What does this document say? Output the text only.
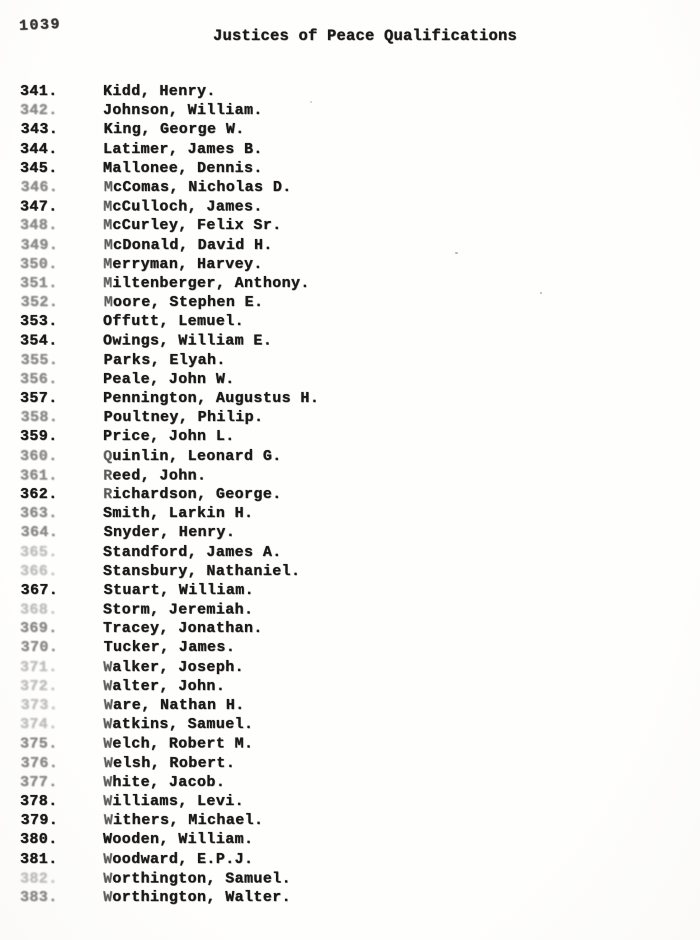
1039
Justices of Peace Qualifications
341.	Kidd, Henry.
342.	Johnson, William.
343.	King, George W.
344.	Latimer, James B.
345.	Mallonee, Dennis.
346.	McComas, Nicholas D.
347.	McCulloch, James.
348.	McCurley, Felix Sr.
349.	McDonald, David H.
350.	Merryman, Harvey.
351.	Miltenberger, Anthony.
352.	Moore, Stephen E.
353.	Offutt, Lemuel.
354.	Owings, William E.
355.	Parks, Elyah.
356.	Peale, John W.
357.	Pennington, Augustus H.
358.	Poultney, Philip.
359.	Price, John L.
360.	Quinlin, Leonard G.
361.	Reed, John.
362.	Richardson, George.
363.	Smith, Larkin H.
364.	Snyder, Henry.
365.	Standford, James A.
366.	Stansbury, Nathaniel.
367.	Stuart, William.
368.	Storm, Jeremiah.
369.	Tracey, Jonathan.
370.	Tucker, James.
371.	Walker, Joseph.
372.	Walter, John.
373.	Ware, Nathan H.
374.	Watkins, Samuel.
375.	Welch, Robert M.
376.	Welsh, Robert.
377.	White, Jacob.
378.	Williams, Levi.
379.	Withers, Michael.
380.	Wooden, William.
381.	Woodward, E.P.J.
382.	Worthington, Samuel.
383.	Worthington, Walter.
